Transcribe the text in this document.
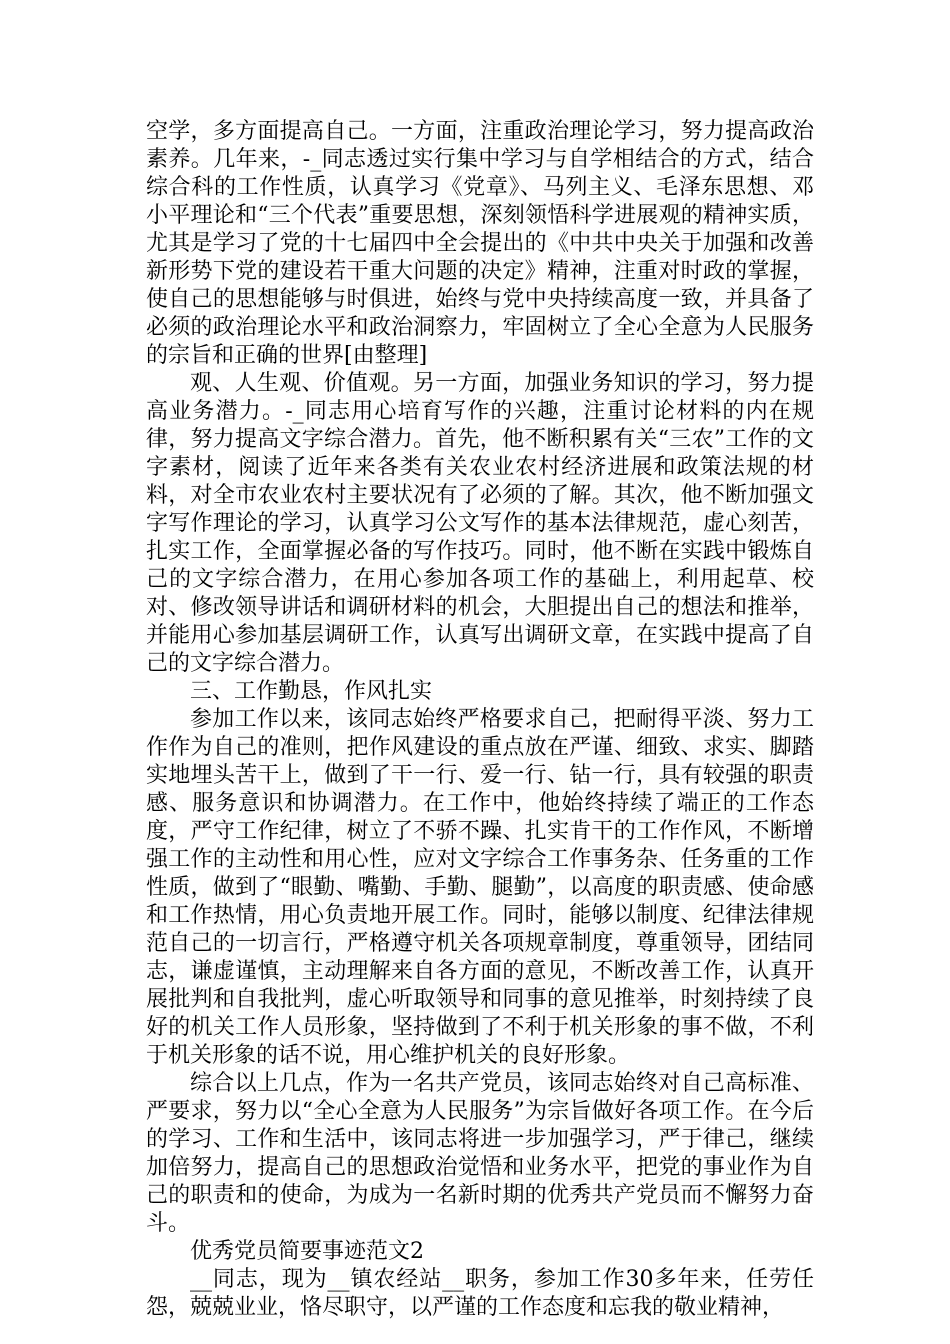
空学，多方面提高自己。一方面，注重政治理论学习，努力提高政治素养。几年来，-_同志透过实行集中学习与自学相结合的方式，结合综合科的工作性质，认真学习《党章》、马列主义、毛泽东思想、邓小平理论和“三个代表”重要思想，深刻领悟科学进展观的精神实质，尤其是学习了党的十七届四中全会提出的《中共中央关于加强和改善新形势下党的建设若干重大问题的决定》精神，注重对时政的掌握，使自己的思想能够与时俱进，始终与党中央持续高度一致，并具备了必须的政治理论水平和政治洞察力，牢固树立了全心全意为人民服务的宗旨和正确的世界[由整理]

观、人生观、价值观。另一方面，加强业务知识的学习，努力提高业务潜力。-_同志用心培育写作的兴趣，注重讨论材料的内在规律，努力提高文字综合潜力。首先，他不断积累有关“三农”工作的文字素材，阅读了近年来各类有关农业农村经济进展和政策法规的材料，对全市农业农村主要状况有了必须的了解。其次，他不断加强文字写作理论的学习，认真学习公文写作的基本法律规范，虚心刻苦，扎实工作，全面掌握必备的写作技巧。同时，他不断在实践中锻炼自己的文字综合潜力，在用心参加各项工作的基础上，利用起草、校对、修改领导讲话和调研材料的机会，大胆提出自己的想法和推举，并能用心参加基层调研工作，认真写出调研文章，在实践中提高了自己的文字综合潜力。

三、工作勤恳，作风扎实

参加工作以来，该同志始终严格要求自己，把耐得平淡、努力工作作为自己的准则，把作风建设的重点放在严谨、细致、求实、脚踏实地埋头苦干上，做到了干一行、爱一行、钻一行，具有较强的职责感、服务意识和协调潜力。在工作中，他始终持续了端正的工作态度，严守工作纪律，树立了不骄不躁、扎实肯干的工作作风，不断增强工作的主动性和用心性，应对文字综合工作事务杂、任务重的工作性质，做到了“眼勤、嘴勤、手勤、腿勤”，以高度的职责感、使命感和工作热情，用心负责地开展工作。同时，能够以制度、纪律法律规范自己的一切言行，严格遵守机关各项规章制度，尊重领导，团结同志，谦虚谨慎，主动理解来自各方面的意见，不断改善工作，认真开展批判和自我批判，虚心听取领导和同事的意见推举，时刻持续了良好的机关工作人员形象，坚持做到了不利于机关形象的事不做，不利于机关形象的话不说，用心维护机关的良好形象。

综合以上几点，作为一名共产党员，该同志始终对自己高标准、严要求，努力以“全心全意为人民服务”为宗旨做好各项工作。在今后的学习、工作和生活中，该同志将进一步加强学习，严于律己，继续加倍努力，提高自己的思想政治觉悟和业务水平，把党的事业作为自己的职责和的使命，为成为一名新时期的优秀共产党员而不懈努力奋斗。

优秀党员简要事迹范文2

__同志，现为__镇农经站__职务，参加工作30多年来，任劳任怨，兢兢业业，恪尽职守，以严谨的工作态度和忘我的敬业精神，
